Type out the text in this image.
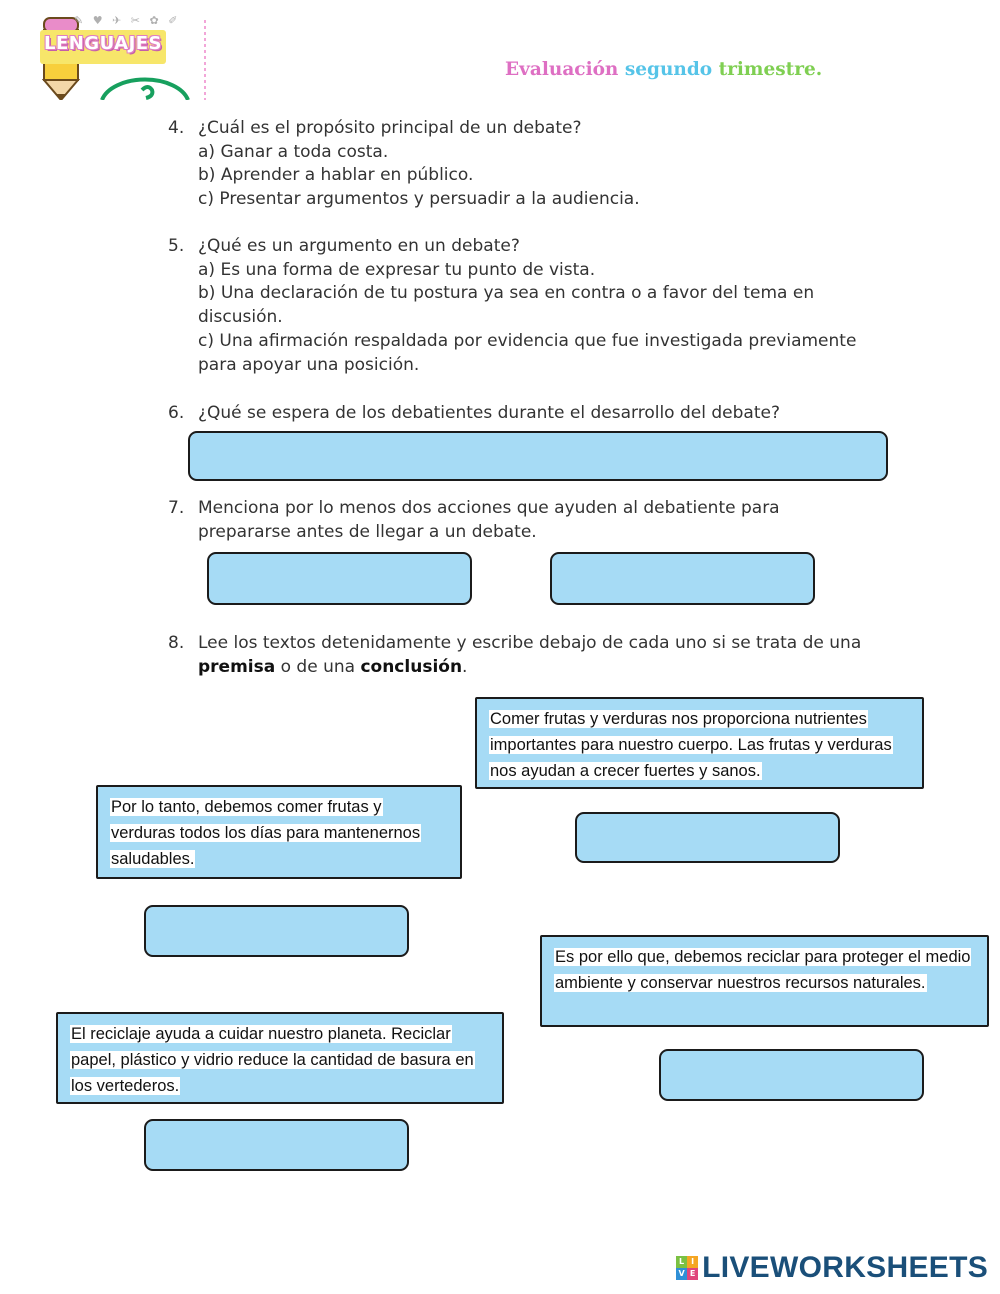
✎ ♥ ✈ ✂ ✿ ✐
LENGUAJES
Evaluación segundo trimestre.
4. ¿Cuál es el propósito principal de un debate?

a) Ganar a toda costa.

b) Aprender a hablar en público.

c) Presentar argumentos y persuadir a la audiencia.

5. ¿Qué es un argumento en un debate?

a) Es una forma de expresar tu punto de vista.

b) Una declaración de tu postura ya sea en contra o a favor del tema en discusión.

c) Una afirmación respaldada por evidencia que fue investigada previamente para apoyar una posición.

6. ¿Qué se espera de los debatientes durante el desarrollo del debate?

7. Menciona por lo menos dos acciones que ayuden al debatiente para prepararse antes de llegar a un debate.

8. Lee los textos detenidamente y escribe debajo de cada uno si se trata de una premisa o de una conclusión.

Comer frutas y verduras nos proporciona nutrientes importantes para nuestro cuerpo. Las frutas y verduras nos ayudan a crecer fuertes y sanos.
Por lo tanto, debemos comer frutas y verduras todos los días para mantenernos saludables.
Es por ello que, debemos reciclar para proteger el medio ambiente y conservar nuestros recursos naturales.
El reciclaje ayuda a cuidar nuestro planeta. Reciclar papel, plástico y vidrio reduce la cantidad de basura en los vertederos.
L I
V E LIVEWORKSHEETS
